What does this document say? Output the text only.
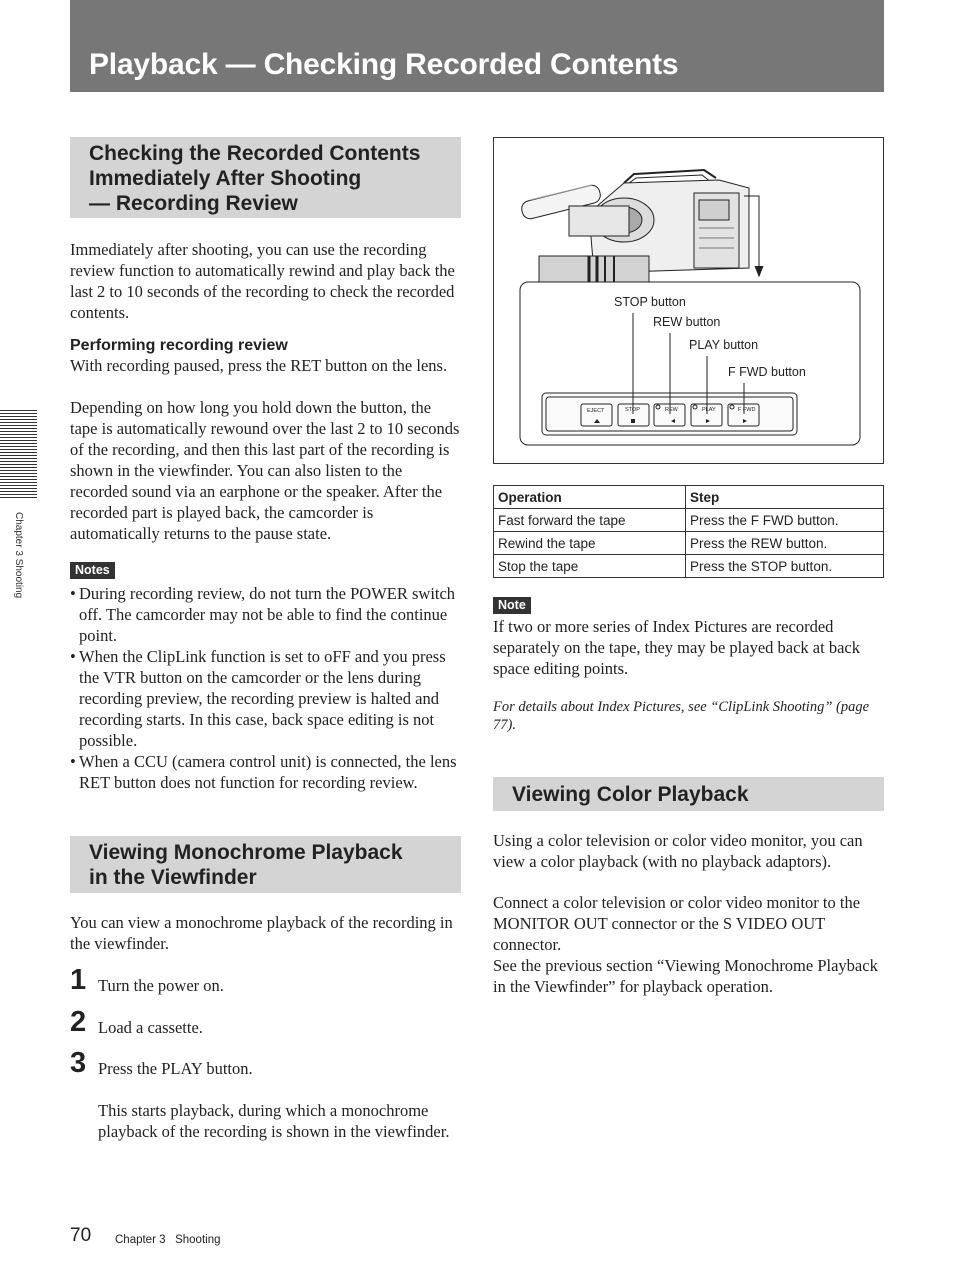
Playback — Checking Recorded Contents
Chapter 3 Shooting
Checking the Recorded Contents
Immediately After Shooting
— Recording Review

Immediately after shooting, you can use the recording review function to automatically rewind and play back the last 2 to 10 seconds of the recording to check the recorded contents.

Performing recording review

With recording paused, press the RET button on the lens.

Depending on how long you hold down the button, the tape is automatically rewound over the last 2 to 10 seconds of the recording, and then this last part of the recording is shown in the viewfinder. You can also listen to the recorded sound via an earphone or the speaker. After the recorded part is played back, the camcorder is automatically returns to the pause state.

Notes
• During recording review, do not turn the POWER switch off. The camcorder may not be able to find the continue point.
• When the ClipLink function is set to oFF and you press the VTR button on the camcorder or the lens during recording preview, the recording preview is halted and recording starts. In this case, back space editing is not possible.
• When a CCU (camera control unit) is connected, the lens RET button does not function for recording review.
Viewing Monochrome Playback
in the Viewfinder

You can view a monochrome playback of the recording in the viewfinder.

1 Turn the power on.
2 Load a cassette.
3 Press the PLAY button.

This starts playback, during which a monochrome playback of the recording is shown in the viewfinder.

STOP button
REW button
PLAY button
F FWD button
EJECT	STOP	REW	PLAY	F FWD
Operation	Step
Fast forward the tape	Press the F FWD button.
Rewind the tape	Press the REW button.
Stop the tape	Press the STOP button.
Note

If two or more series of Index Pictures are recorded separately on the tape, they may be played back at back space editing points.

For details about Index Pictures, see “ClipLink Shooting” (page 77).

Viewing Color Playback

Using a color television or color video monitor, you can view a color playback (with no playback adaptors).

Connect a color television or color video monitor to the MONITOR OUT connector or the S VIDEO OUT connector.

See the previous section “Viewing Monochrome Playback in the Viewfinder” for playback operation.

70 Chapter 3   Shooting
